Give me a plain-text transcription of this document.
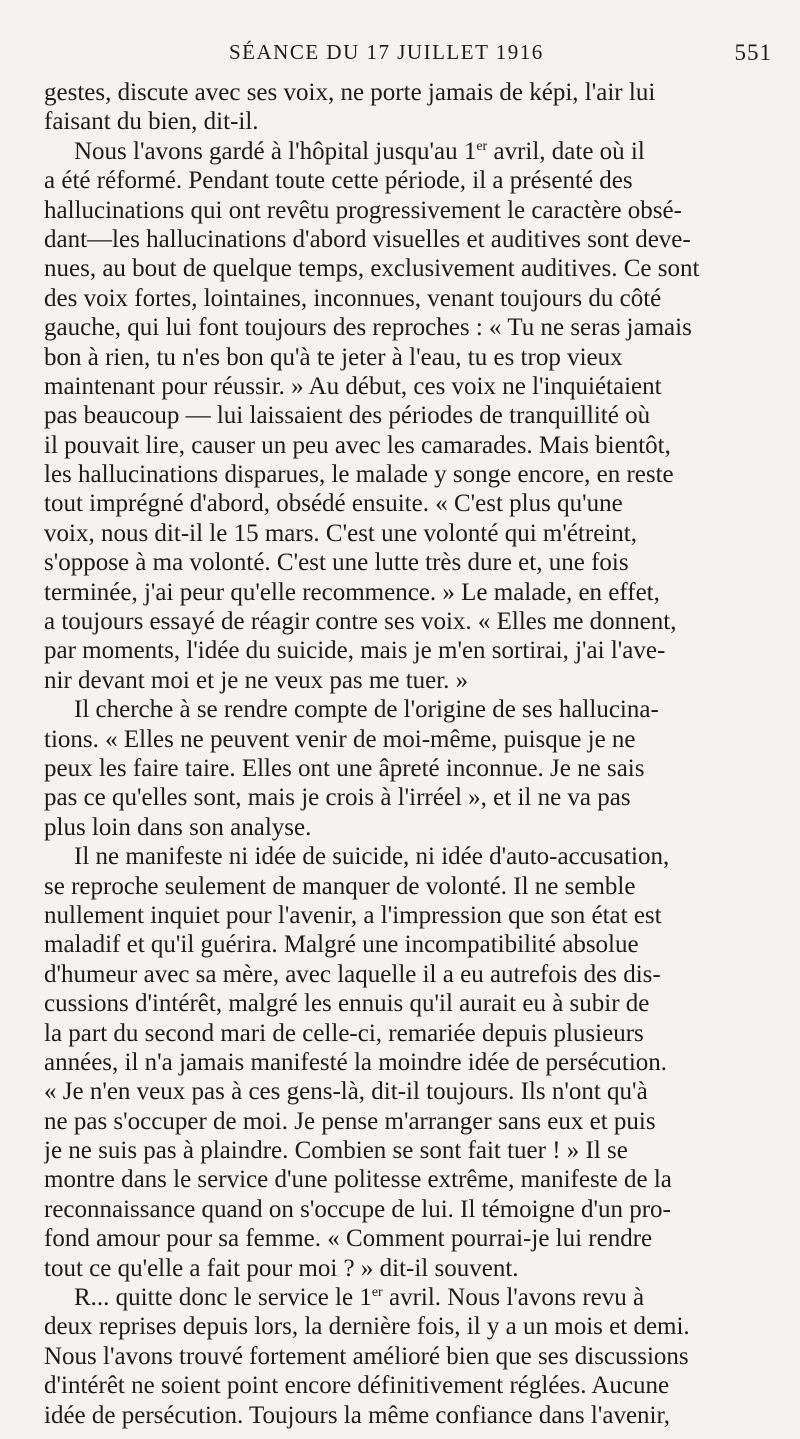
SÉANCE DU 17 JUILLET 1916	551
gestes, discute avec ses voix, ne porte jamais de képi, l'air lui
faisant du bien, dit-il.
Nous l'avons gardé à l'hôpital jusqu'au 1er avril, date où il
a été réformé. Pendant toute cette période, il a présenté des
hallucinations qui ont revêtu progressivement le caractère obsé-
dant—les hallucinations d'abord visuelles et auditives sont deve-
nues, au bout de quelque temps, exclusivement auditives. Ce sont
des voix fortes, lointaines, inconnues, venant toujours du côté
gauche, qui lui font toujours des reproches : « Tu ne seras jamais
bon à rien, tu n'es bon qu'à te jeter à l'eau, tu es trop vieux
maintenant pour réussir. » Au début, ces voix ne l'inquiétaient
pas beaucoup — lui laissaient des périodes de tranquillité où
il pouvait lire, causer un peu avec les camarades. Mais bientôt,
les hallucinations disparues, le malade y songe encore, en reste
tout imprégné d'abord, obsédé ensuite. « C'est plus qu'une
voix, nous dit-il le 15 mars. C'est une volonté qui m'étreint,
s'oppose à ma volonté. C'est une lutte très dure et, une fois
terminée, j'ai peur qu'elle recommence. » Le malade, en effet,
a toujours essayé de réagir contre ses voix. « Elles me donnent,
par moments, l'idée du suicide, mais je m'en sortirai, j'ai l'ave-
nir devant moi et je ne veux pas me tuer. »
Il cherche à se rendre compte de l'origine de ses hallucina-
tions. « Elles ne peuvent venir de moi-même, puisque je ne
peux les faire taire. Elles ont une âpreté inconnue. Je ne sais
pas ce qu'elles sont, mais je crois à l'irréel », et il ne va pas
plus loin dans son analyse.
Il ne manifeste ni idée de suicide, ni idée d'auto-accusation,
se reproche seulement de manquer de volonté. Il ne semble
nullement inquiet pour l'avenir, a l'impression que son état est
maladif et qu'il guérira. Malgré une incompatibilité absolue
d'humeur avec sa mère, avec laquelle il a eu autrefois des dis-
cussions d'intérêt, malgré les ennuis qu'il aurait eu à subir de
la part du second mari de celle-ci, remariée depuis plusieurs
années, il n'a jamais manifesté la moindre idée de persécution.
« Je n'en veux pas à ces gens-là, dit-il toujours. Ils n'ont qu'à
ne pas s'occuper de moi. Je pense m'arranger sans eux et puis
je ne suis pas à plaindre. Combien se sont fait tuer ! » Il se
montre dans le service d'une politesse extrême, manifeste de la
reconnaissance quand on s'occupe de lui. Il témoigne d'un pro-
fond amour pour sa femme. « Comment pourrai-je lui rendre
tout ce qu'elle a fait pour moi ? » dit-il souvent.
R... quitte donc le service le 1er avril. Nous l'avons revu à
deux reprises depuis lors, la dernière fois, il y a un mois et demi.
Nous l'avons trouvé fortement amélioré bien que ses discussions
d'intérêt ne soient point encore définitivement réglées. Aucune
idée de persécution. Toujours la même confiance dans l'avenir,
